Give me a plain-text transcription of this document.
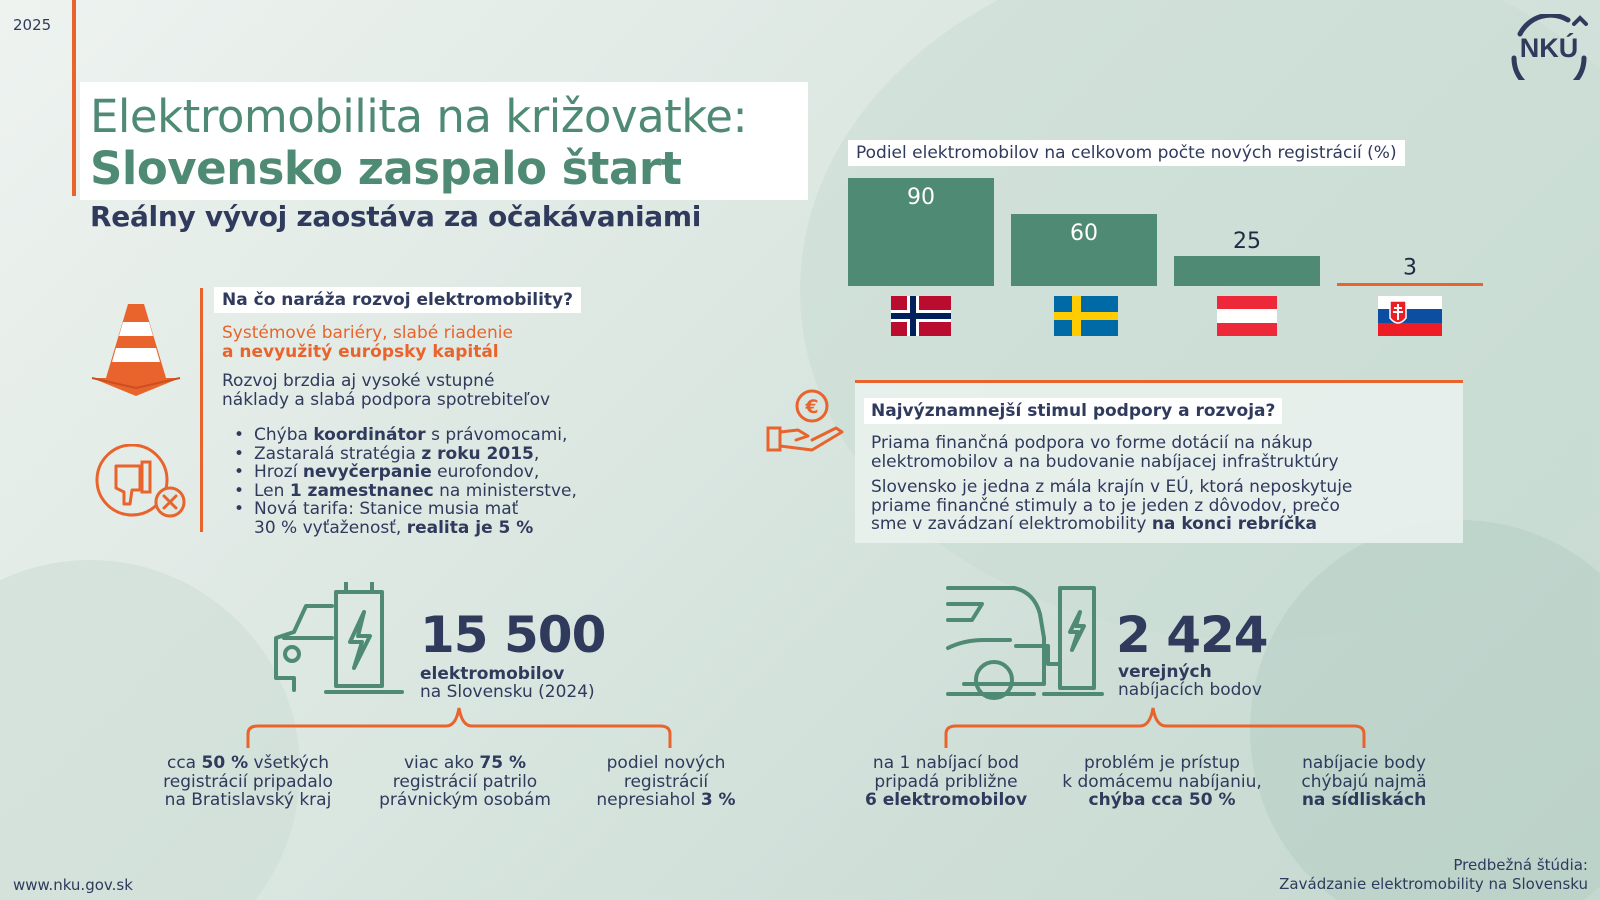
2025
Elektromobilita na križovatke:
Slovensko zaspalo štart
Reálny vývoj zaostáva za očakávaniami
NKÚ
Na čo naráža rozvoj elektromobility?
Systémové bariéry, slabé riadenie
a nevyužitý európsky kapitál
Rozvoj brzdia aj vysoké vstupné
náklady a slabá podpora spotrebiteľov
• Chýba koordinátor s právomocami,
• Zastaralá stratégia z roku 2015,
• Hrozí nevyčerpanie eurofondov,
• Len 1 zamestnanec na ministerstve,
• Nová tarifa: Stanice musia mať
30 % vyťaženosť, realita je 5 %
Podiel elektromobilov na celkovom počte nových registrácií (%)
90
60	25
3
€	Najvýznamnejší stimul podpory a rozvoja?
Priama finančná podpora vo forme dotácií na nákup
elektromobilov a na budovanie nabíjacej infraštruktúry
Slovensko je jedna z mála krajín v EÚ, ktorá neposkytuje
priame finančné stimuly a to je jeden z dôvodov, prečo
sme v zavádzaní elektromobility na konci rebríčka
15 500
elektromobilov
na Slovensku (2024)
cca 50 % všetkých
registrácií pripadalo
na Bratislavský kraj
viac ako 75 %
registrácií patrilo
právnickým osobám
podiel nových
registrácií
nepresiahol 3 %
2 424
verejných
nabíjacích bodov
na 1 nabíjací bod
pripadá približne
6 elektromobilov
problém je prístup
k domácemu nabíjaniu,
chýba cca 50 %
nabíjacie body
chýbajú najmä
na sídliskách
www.nku.gov.sk
Predbežná štúdia:
Zavádzanie elektromobility na Slovensku
